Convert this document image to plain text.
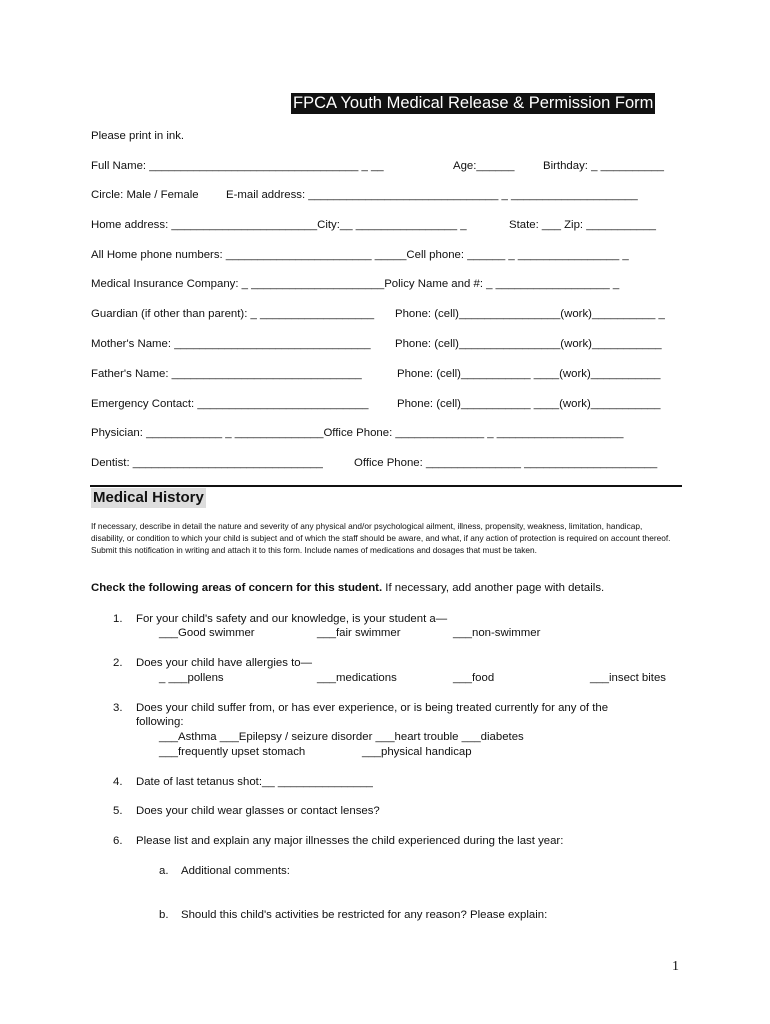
FPCA Youth Medical Release & Permission Form
Please print in ink.
Full Name: _________________________________ _ __	Age:______	Birthday: _ __________
Circle: Male / Female E-mail address: ______________________________ _ ____________________
Home address: _______________________City:__ ________________ _	State: ___ Zip: ___________
All Home phone numbers: _______________________ _____Cell phone: ______ _ ________________ _
Medical Insurance Company: _ _____________________Policy Name and #: _ __________________ _
Guardian (if other than parent): _ __________________ Phone: (cell)________________(work)__________ _
Mother's Name: _______________________________ Phone: (cell)________________(work)___________
Father's Name: ______________________________	Phone: (cell)___________ ____(work)___________
Emergency Contact: ___________________________	Phone: (cell)___________ ____(work)___________
Physician: ____________ _ ______________Office Phone: ______________ _ ____________________
Dentist: ______________________________	Office Phone: _______________ _____________________
Medical History
If necessary, describe in detail the nature and severity of any physical and/or psychological ailment, illness, propensity, weakness, limitation, handicap, disability, or condition to which your child is subject and of which the staff should be aware, and what, if any action of protection is required on account thereof. Submit this notification in writing and attach it to this form. Include names of medications and dosages that must be taken.
Check the following areas of concern for this student. If necessary, add another page with details.
1. For your child's safety and our knowledge, is your student a—
___Good swimmer	___fair swimmer	___non-swimmer
2. Does your child have allergies to—
_ ___pollens	___medications	___food	___insect bites
3. Does your child suffer from, or has ever experience, or is being treated currently for any of the
following:
___Asthma ___Epilepsy / seizure disorder ___heart trouble ___diabetes
___frequently upset stomach	___physical handicap
4. Date of last tetanus shot:__ _______________
5. Does your child wear glasses or contact lenses?
6. Please list and explain any major illnesses the child experienced during the last year:
a. Additional comments:
b. Should this child's activities be restricted for any reason? Please explain:
1
